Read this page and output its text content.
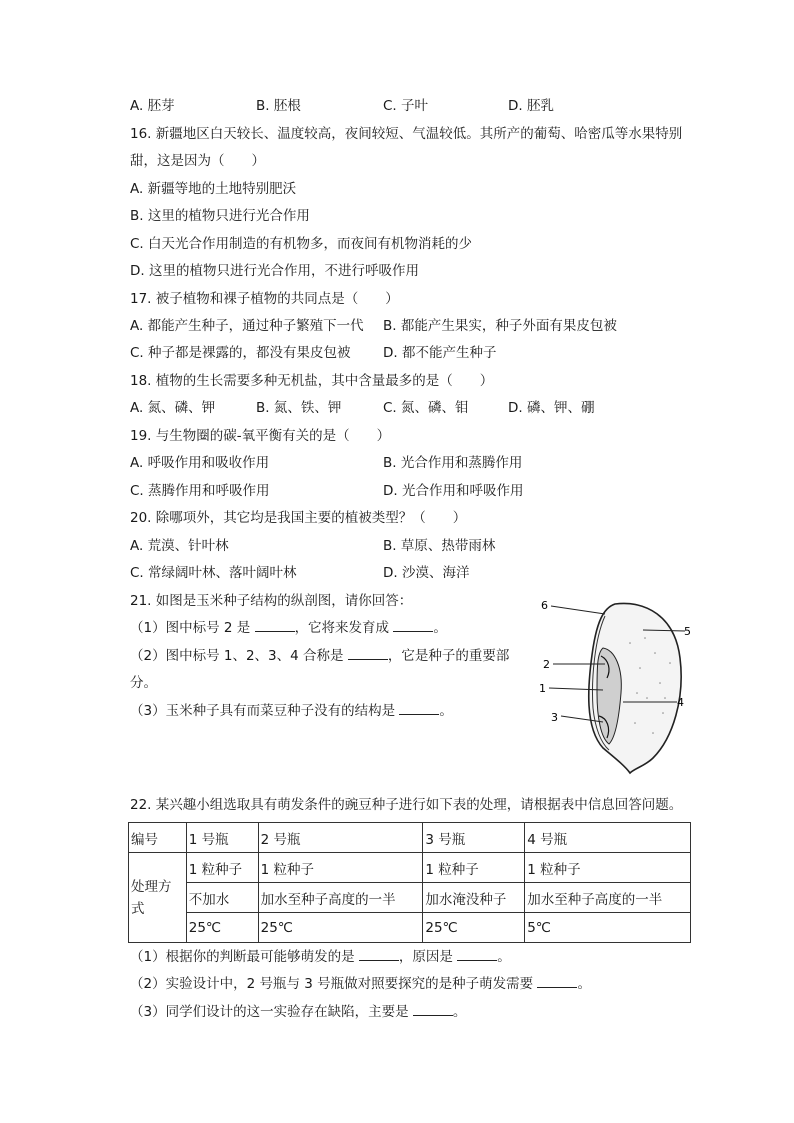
A. 胚芽	B. 胚根	C. 子叶	D. 胚乳
16. 新疆地区白天较长、温度较高，夜间较短、气温较低。其所产的葡萄、哈密瓜等水果特别
甜，这是因为（　　）
A. 新疆等地的土地特别肥沃
B. 这里的植物只进行光合作用
C. 白天光合作用制造的有机物多，而夜间有机物消耗的少
D. 这里的植物只进行光合作用，不进行呼吸作用
17. 被子植物和裸子植物的共同点是（　　）
A. 都能产生种子，通过种子繁殖下一代 B. 都能产生果实，种子外面有果皮包被
C. 种子都是裸露的，都没有果皮包被 D. 都不能产生种子
18. 植物的生长需要多种无机盐，其中含量最多的是（　　）
A. 氮、磷、钾	B. 氮、铁、钾	C. 氮、磷、钼	D. 磷、钾、硼
19. 与生物圈的碳-氧平衡有关的是（　　）
A. 呼吸作用和吸收作用	B. 光合作用和蒸腾作用
C. 蒸腾作用和呼吸作用	D. 光合作用和呼吸作用
20. 除哪项外，其它均是我国主要的植被类型？（　　）
A. 荒漠、针叶林	B. 草原、热带雨林
C. 常绿阔叶林、落叶阔叶林	D. 沙漠、海洋
21. 如图是玉米种子结构的纵剖图，请你回答：
（1）图中标号 2 是	，它将来发育成	。
（2）图中标号 1、2、3、4 合称是	，它是种子的重要部
分。
（3）玉米种子具有而菜豆种子没有的结构是	。
6
5
2
1
4
3
22. 某兴趣小组选取具有萌发条件的豌豆种子进行如下表的处理，请根据表中信息回答问题。
编号	1 号瓶	2 号瓶	3 号瓶	4 号瓶
处理方
式	1 粒种子	1 粒种子	1 粒种子	1 粒种子
	不加水	加水至种子高度的一半	加水淹没种子	加水至种子高度的一半
	25℃	25℃	25℃	5℃
（1）根据你的判断最可能够萌发的是	，原因是	。
（2）实验设计中，2 号瓶与 3 号瓶做对照要探究的是种子萌发需要	。
（3）同学们设计的这一实验存在缺陷，主要是	。
